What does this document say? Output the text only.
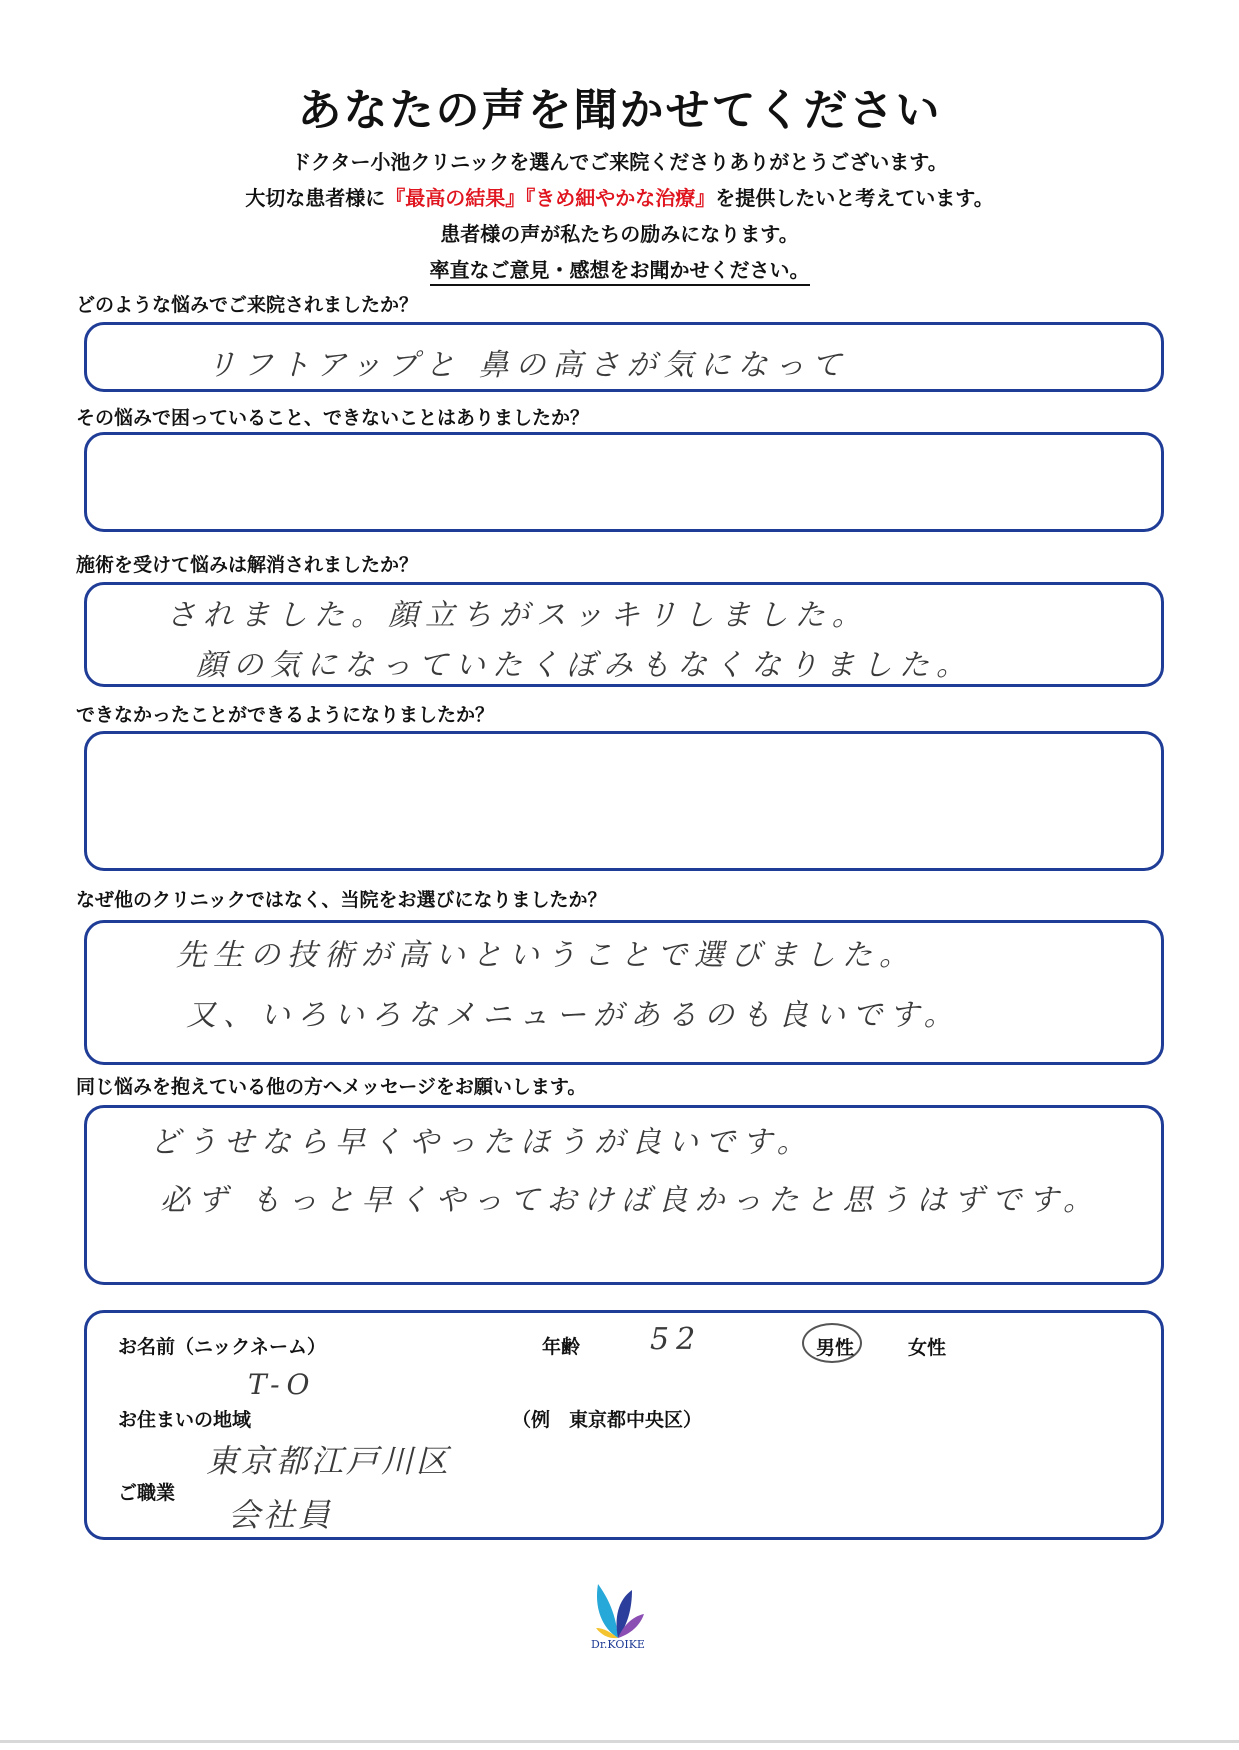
あなたの声を聞かせてください
ドクター小池クリニックを選んでご来院くださりありがとうございます。
大切な患者様に『最高の結果』『きめ細やかな治療』を提供したいと考えています。
患者様の声が私たちの励みになります。
率直なご意見・感想をお聞かせください。
どのような悩みでご来院されましたか？
リフトアップと 鼻の高さが気になって
その悩みで困っていること、できないことはありましたか？
施術を受けて悩みは解消されましたか？
されました。顔立ちがスッキリしました。
顔の気になっていたくぼみもなくなりました。
できなかったことができるようになりましたか？
なぜ他のクリニックではなく、当院をお選びになりましたか？
先生の技術が高いということで選びました。
又、いろいろなメニューがあるのも良いです。
同じ悩みを抱えている他の方へメッセージをお願いします。
どうせなら早くやったほうが良いです。
必ず もっと早くやっておけば良かったと思うはずです。
お名前（ニックネーム）
T-O
年齢 52	男性	女性
お住まいの地域	（例　東京都中央区）
東京都江戸川区
ご職業
会社員
Dr.KOIKE
